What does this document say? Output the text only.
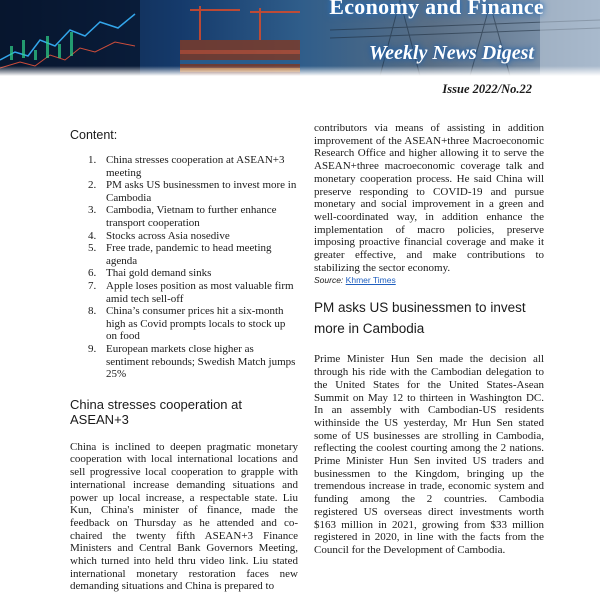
Economy and Finance
Weekly News Digest
Issue 2022/No.22
Content:
1. China stresses cooperation at ASEAN+3 meeting
2. PM asks US businessmen to invest more in Cambodia
3. Cambodia, Vietnam to further enhance transport cooperation
4. Stocks across Asia nosedive
5. Free trade, pandemic to head meeting agenda
6. Thai gold demand sinks
7. Apple loses position as most valuable firm amid tech sell-off
8. China’s consumer prices hit a six-month high as Covid prompts locals to stock up on food
9. European markets close higher as sentiment rebounds; Swedish Match jumps 25%
China stresses cooperation at ASEAN+3

China is inclined to deepen pragmatic monetary cooperation with local international locations and sell progressive local cooperation to grapple with international increase demanding situations and power up local increase, a respectable state. Liu Kun, China's minister of finance, made the feedback on Thursday as he attended and co-chaired the twenty fifth ASEAN+3 Finance Ministers and Central Bank Governors Meeting, which turned into held thru video link. Liu stated international monetary restoration faces new demanding situations and China is prepared to

contributors via means of assisting in addition improvement of the ASEAN+three Macroeconomic Research Office and higher allowing it to serve the ASEAN+three macroeconomic coverage talk and monetary cooperation process. He said China will preserve responding to COVID-19 and pursue monetary and social improvement in a green and well-coordinated way, in addition enhance the implementation of macro policies, preserve imposing proactive financial coverage and make it greater effective, and make contributions to stabilizing the sector economy.

Source: Khmer Times
PM asks US businessmen to invest more in Cambodia

Prime Minister Hun Sen made the decision all through his ride with the Cambodian delegation to the United States for the United States-Asean Summit on May 12 to thirteen in Washington DC. In an assembly with Cambodian-US residents withinside the US yesterday, Mr Hun Sen stated some of US businesses are strolling in Cambodia, reflecting the coolest courting among the 2 nations. Prime Minister Hun Sen invited US traders and businessmen to the Kingdom, bringing up the tremendous increase in trade, economic system and funding among the 2 countries. Cambodia registered US overseas direct investments worth $163 million in 2021, growing from $33 million registered in 2020, in line with the facts from the Council for the Development of Cambodia.
